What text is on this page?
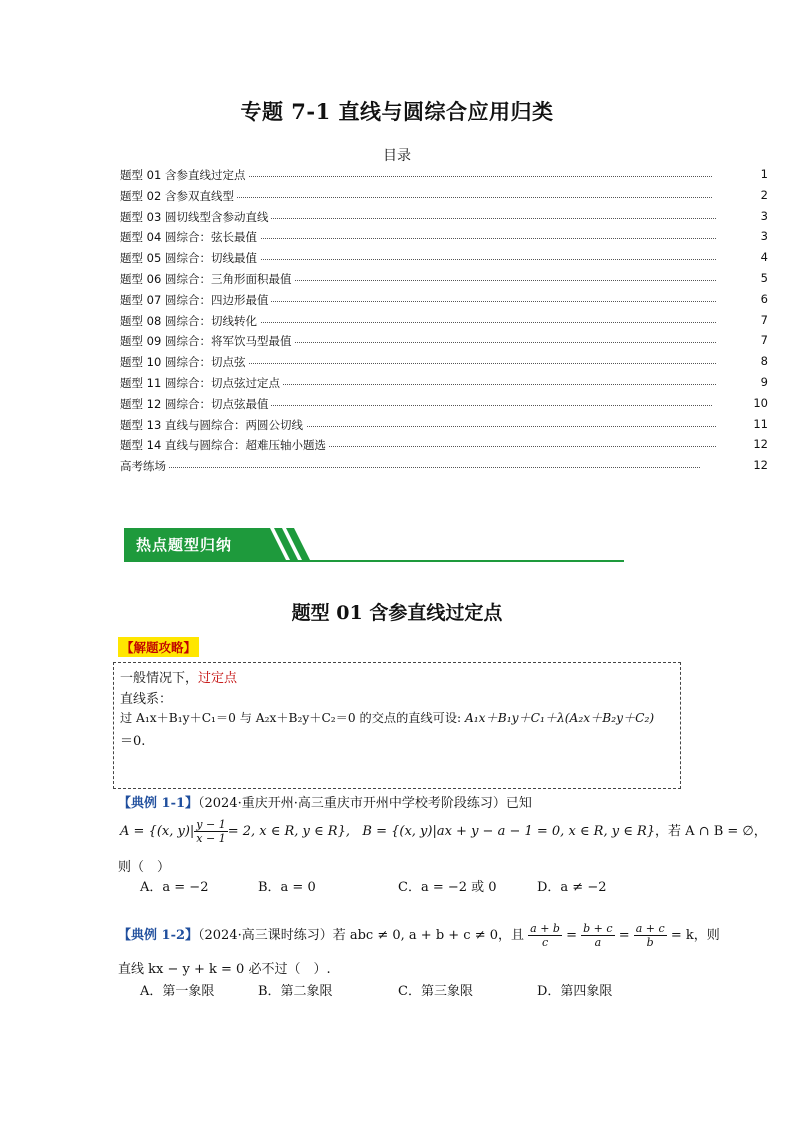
专题 7-1 直线与圆综合应用归类
目录
题型 01 含参直线过定点	1
题型 02 含参双直线型	2
题型 03 圆切线型含参动直线	3
题型 04 圆综合：弦长最值	3
题型 05 圆综合：切线最值	4
题型 06 圆综合：三角形面积最值	5
题型 07 圆综合：四边形最值	6
题型 08 圆综合：切线转化	7
题型 09 圆综合：将军饮马型最值	7
题型 10 圆综合：切点弦	8
题型 11 圆综合：切点弦过定点	9
题型 12 圆综合：切点弦最值	10
题型 13 直线与圆综合：两圆公切线	11
题型 14 直线与圆综合：超难压轴小题选	12
高考练场	12
热点题型归纳
题型 01 含参直线过定点
【解题攻略】
一般情况下，过定点
直线系：
过 A₁x＋B₁y＋C₁＝0 与 A₂x＋B₂y＋C₂＝0 的交点的直线可设: A₁x＋B₁y＋C₁＋λ(A₂x＋B₂y＋C₂)
＝0.
【典例 1-1】（2024·重庆开州·高三重庆市开州中学校考阶段练习）已知
A = {(x, $y)| \frac{y - 1}{x - 1} = 2$, x ∈ R, y ∈ R}, B = {(x, y)|ax + y − a − 1 = 0, x ∈ R, y ∈ R}，若 A ∩ B = ∅，
则（　）
A．a = −2	B．a = 0	C．a = −2 或 0	D．a ≠ −2
【典例 1-2】（2024·高三课时练习）若 abc ≠ 0, a + b + c ≠ 0，且 $\frac{a + b}{c} = \frac{b + c}{a} = \frac{a + c}{b} = k$，则
直线 kx − y + k = 0 必不过（　）.
A．第一象限	B．第二象限	C．第三象限	D．第四象限
